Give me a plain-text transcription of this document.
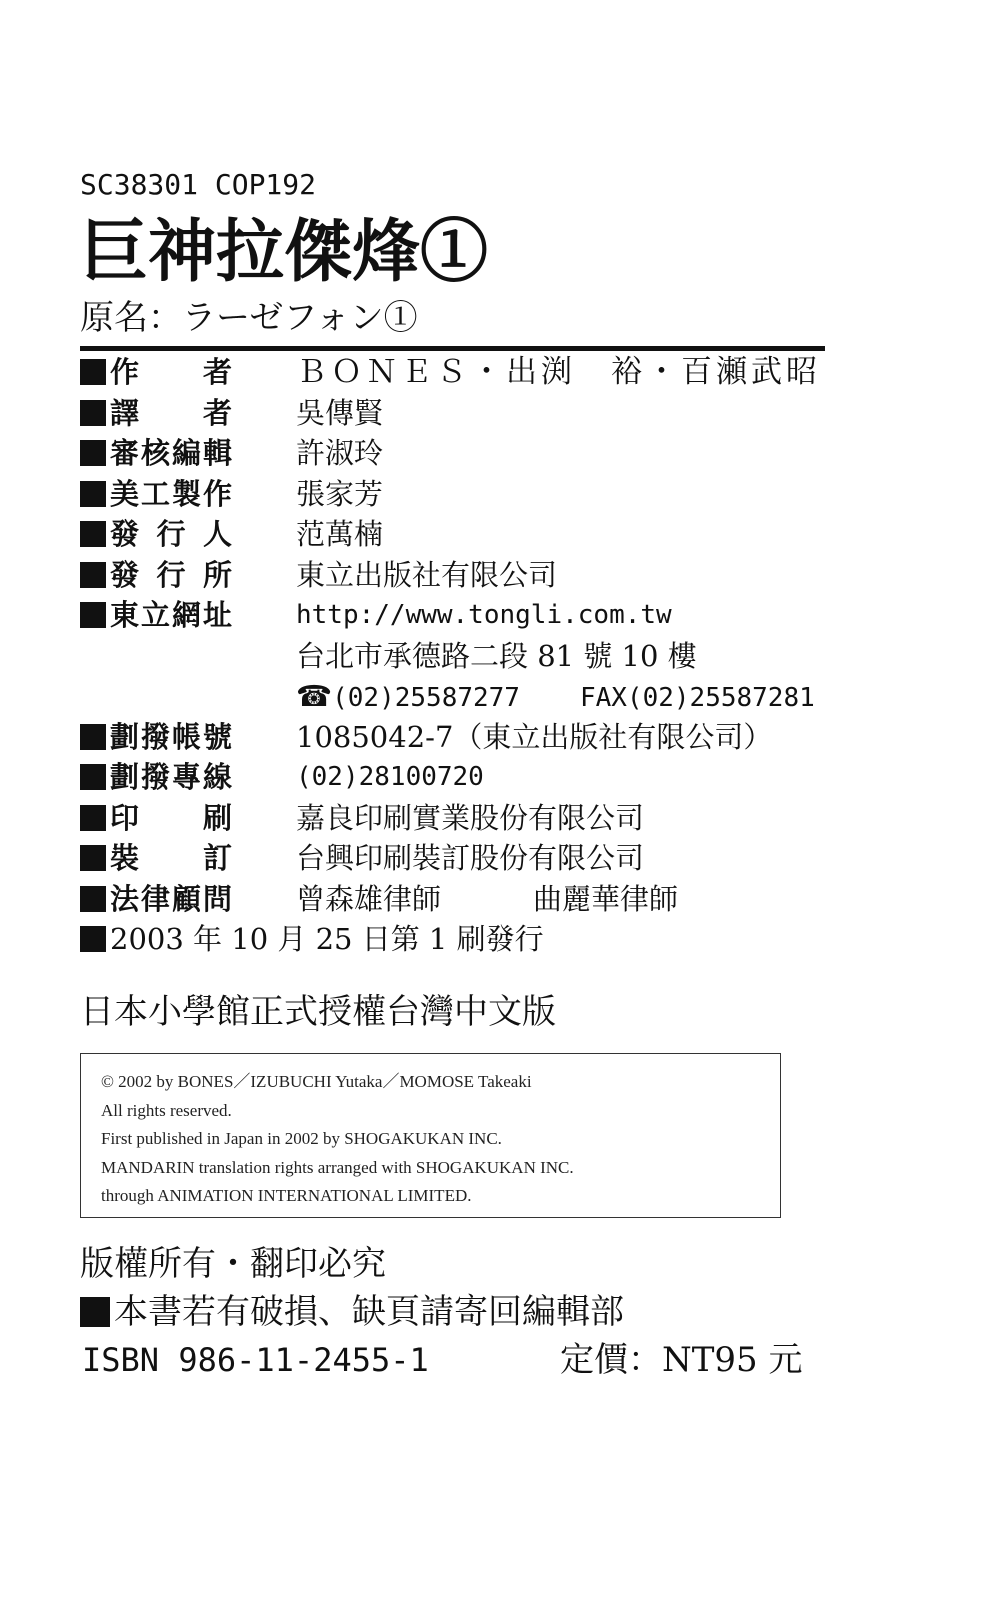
SC38301 COP192
巨神拉傑烽①
原名：ラーゼフォン①
作　者 ＢＯＮＥＳ・出渕　裕・百瀬武昭
譯　者 吳傳賢
審核編輯 許淑玲
美工製作 張家芳
發行人 范萬楠
發行所 東立出版社有限公司
東立網址 http://www.tongli.com.tw
台北市承德路二段 81 號 10 樓
☎(02)25587277 FAX(02)25587281
劃撥帳號 1085042-7（東立出版社有限公司）
劃撥專線 (02)28100720
印　刷 嘉良印刷實業股份有限公司
裝　訂 台興印刷裝訂股份有限公司
法律顧問 曾森雄律師	曲麗華律師
2003 年 10 月 25 日第 1 刷發行
日本小學館正式授權台灣中文版
© 2002 by BONES／IZUBUCHI Yutaka／MOMOSE Takeaki
All rights reserved.
First published in Japan in 2002 by SHOGAKUKAN INC.
MANDARIN translation rights arranged with SHOGAKUKAN INC.
through ANIMATION INTERNATIONAL LIMITED.
版權所有・翻印必究
本書若有破損、缺頁請寄回編輯部
ISBN 986-11-2455-1	定價：NT95 元
